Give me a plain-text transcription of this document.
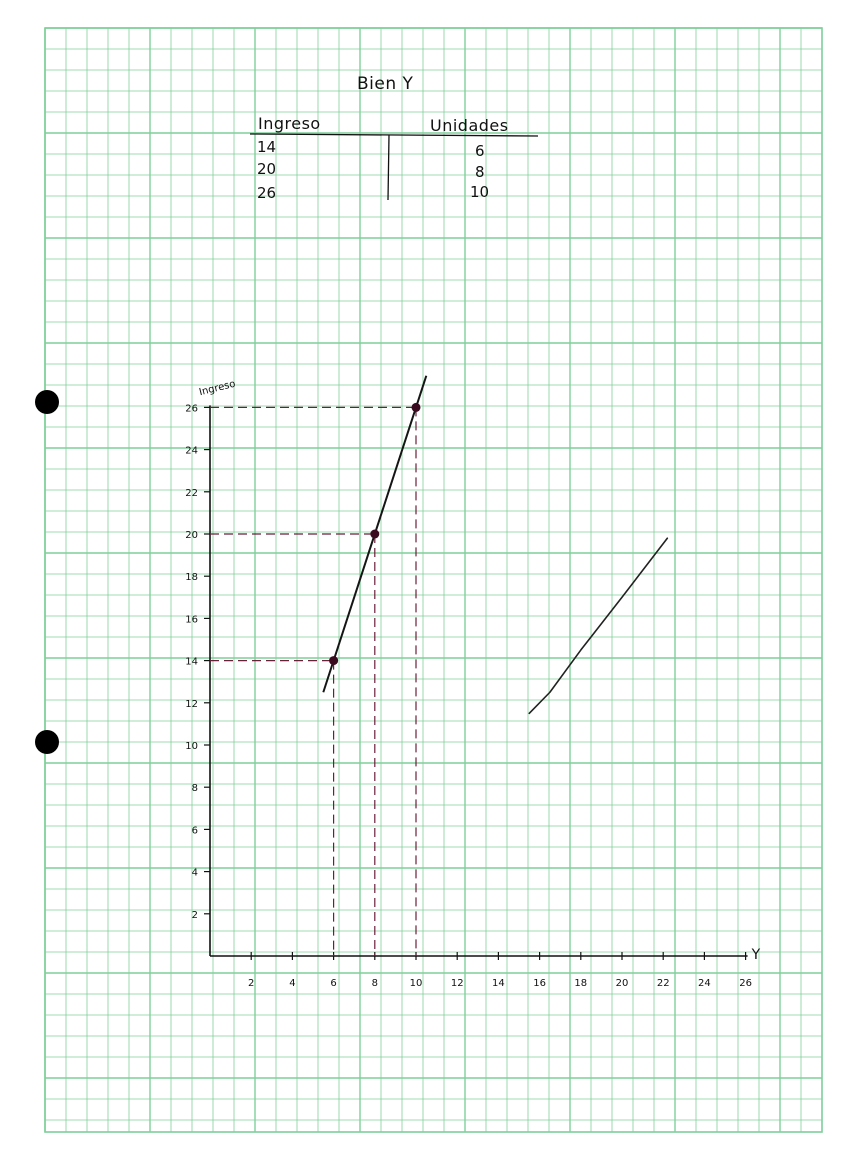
2
4
6
8
10
12
14
16
18
20
22
24
26
2	4	6	8	10	12	14	16	18	20	22	24	26
Ingreso
Y
Bien Y
Ingreso	Unidades
14	6
20	8
26	10
